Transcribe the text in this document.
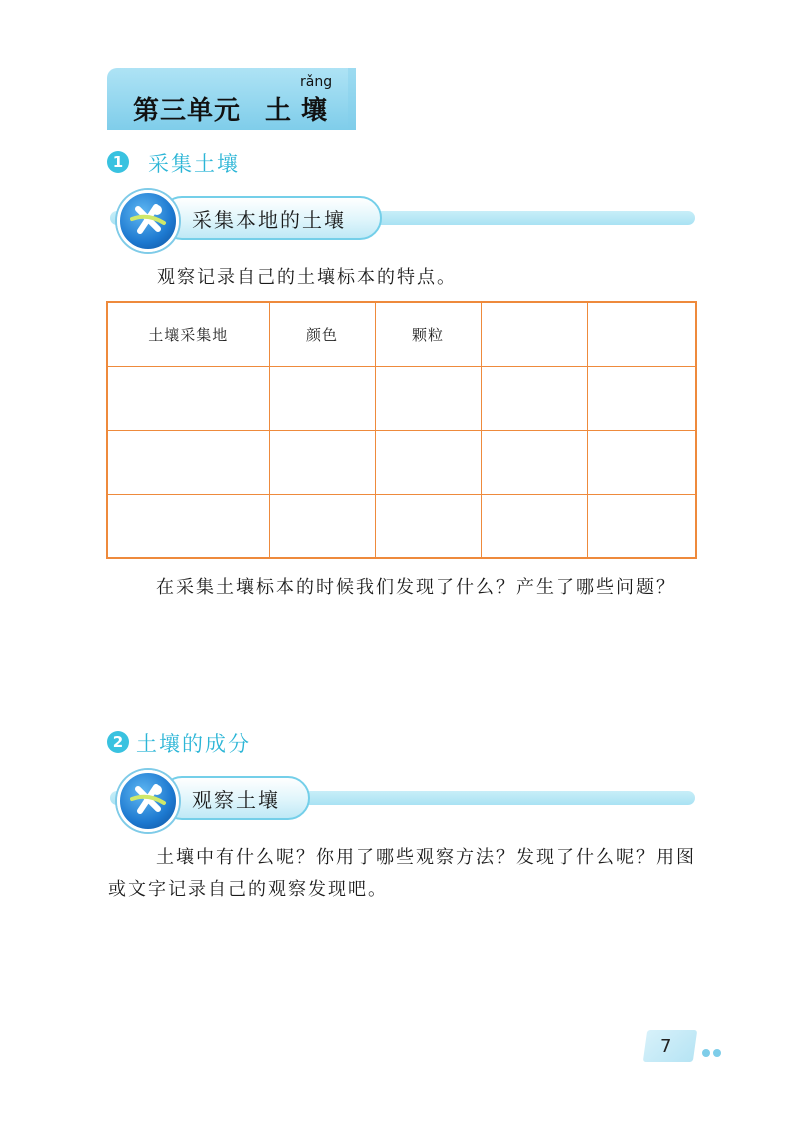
第三单元
rǎng
土壤
1 采集土壤
采集本地的土壤
观察记录自己的土壤标本的特点。
土壤采集地	颜色	颗粒		

在采集土壤标本的时候我们发现了什么？产生了哪些问题？
2 土壤的成分
观察土壤
土壤中有什么呢？你用了哪些观察方法？发现了什么呢？用图或文字记录自己的观察发现吧。
7
